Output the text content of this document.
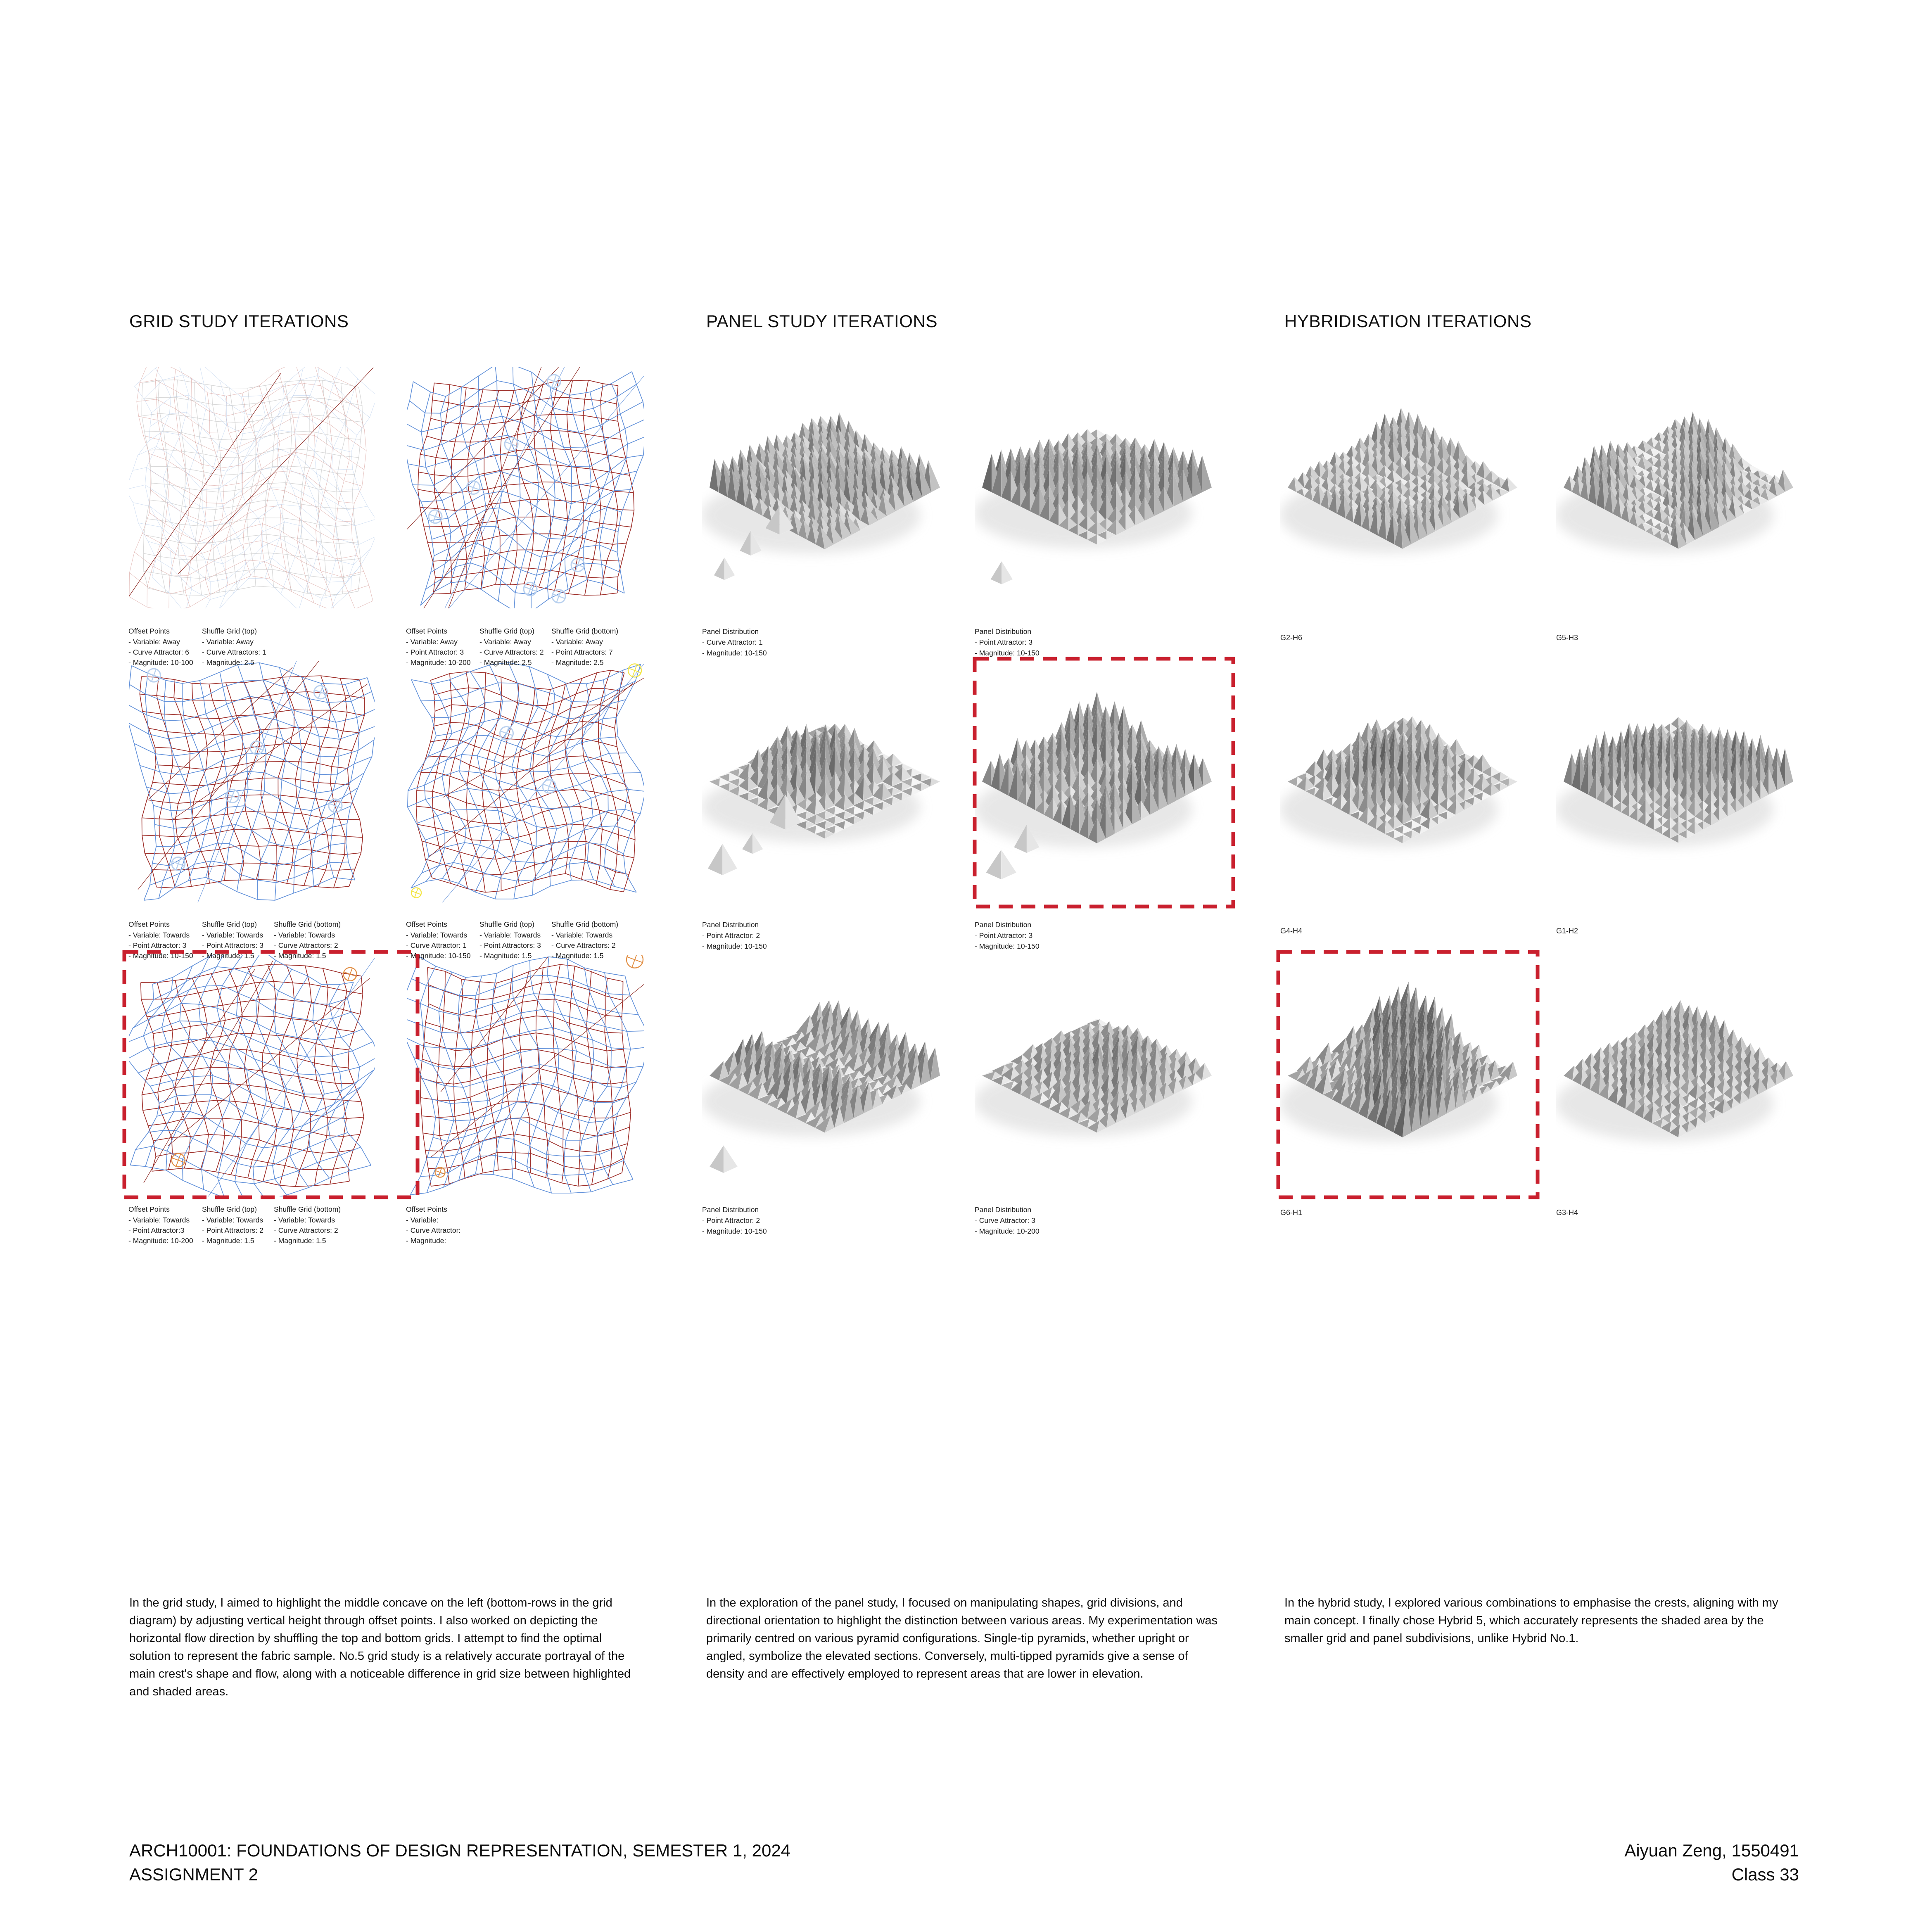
GRID STUDY ITERATIONS	PANEL STUDY ITERATIONS	HYBRIDISATION ITERATIONS

In the grid study, I aimed to highlight the middle concave on the left (bottom-rows in the grid diagram) by adjusting vertical height through offset points. I also worked on depicting the horizontal flow direction by shuffling the top and bottom grids. I attempt to find the optimal solution to represent the fabric sample. No.5 grid study is a relatively accurate portrayal of the main crest's shape and flow, along with a noticeable difference in grid size between highlighted and shaded areas.

In the exploration of the panel study, I focused on manipulating shapes, grid divisions, and directional orientation to highlight the distinction between various areas. My experimentation was primarily centred on various pyramid configurations. Single-tip pyramids, whether upright or angled, symbolize the elevated sections. Conversely, multi-tipped pyramids give a sense of density and are effectively employed to represent areas that are lower in elevation.

In the hybrid study, I explored various combinations to emphasise the crests, aligning with my main concept. I finally chose Hybrid 5, which accurately represents the shaded area by the smaller grid and panel subdivisions, unlike Hybrid No.1.

ARCH10001: FOUNDATIONS OF DESIGN REPRESENTATION, SEMESTER 1, 2024
ASSIGNMENT 2
Aiyuan Zeng, 1550491
Class 33
Offset Points
- Variable: Away
- Curve Attractor: 6
- Magnitude: 10-100
Shuffle Grid (top)
- Variable: Away
- Curve Attractors: 1
- Magnitude: 2.5
Offset Points
- Variable: Away
- Point Attractor: 3
- Magnitude: 10-200
Shuffle Grid (top)
- Variable: Away
- Curve Attractors: 2
- Magnitude: 2.5
Shuffle Grid (bottom)
- Variable: Away
- Point Attractors: 7
- Magnitude: 2.5
Offset Points
- Variable: Towards
- Point Attractor: 3
- Magnitude: 10-150
Shuffle Grid (top)
- Variable: Towards
- Point Attractors: 3
- Magnitude: 1.5
Shuffle Grid (bottom)
- Variable: Towards
- Curve Attractors: 2
- Magnitude: 1.5
Offset Points
- Variable: Towards
- Curve Attractor: 1
- Magnitude: 10-150
Shuffle Grid (top)
- Variable: Towards
- Point Attractors: 3
- Magnitude: 1.5
Shuffle Grid (bottom)
- Variable: Towards
- Curve Attractors: 2
- Magnitude: 1.5
Offset Points
- Variable: Towards
- Point Attractor:3
- Magnitude: 10-200
Shuffle Grid (top)
- Variable: Towards
- Point Attractors: 2
- Magnitude: 1.5
Shuffle Grid (bottom)
- Variable: Towards
- Curve Attractors: 2
- Magnitude: 1.5
Offset Points
- Variable:
- Curve Attractor:
- Magnitude:
Panel Distribution
- Curve Attractor: 1
- Magnitude: 10-150
Panel Distribution
- Point Attractor: 3
- Magnitude: 10-150
Panel Distribution
- Point Attractor: 2
- Magnitude: 10-150
Panel Distribution
- Point Attractor: 3
- Magnitude: 10-150
Panel Distribution
- Point Attractor: 2
- Magnitude: 10-150
Panel Distribution
- Curve Attractor: 3
- Magnitude: 10-200
G2-H6	G5-H3
G4-H4	G1-H2
G6-H1	G3-H4
